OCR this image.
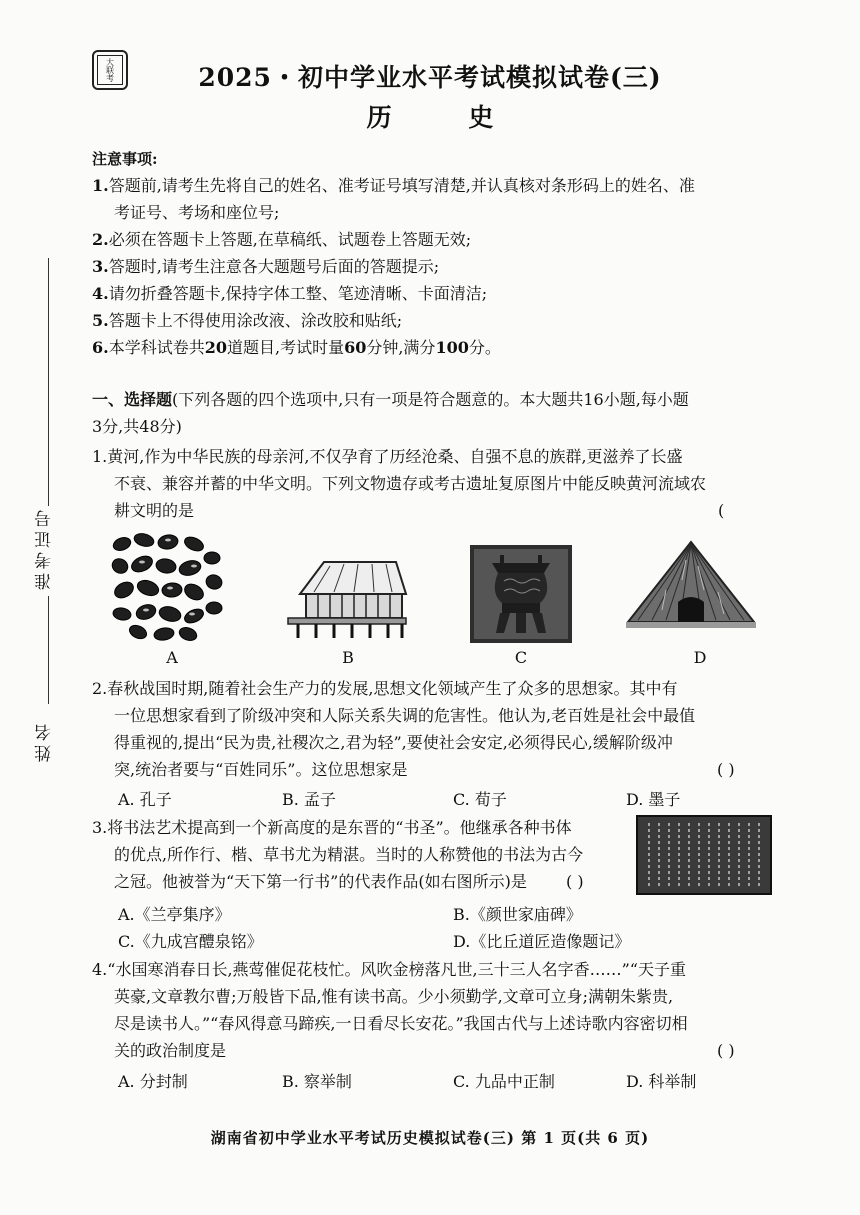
大联考	2025・初中学业水平考试模拟试卷(三)
历 史
准考证号
姓名
注意事项:
1.答题前,请考生先将自己的姓名、准考证号填写清楚,并认真核对条形码上的姓名、准
考证号、考场和座位号;
2.必须在答题卡上答题,在草稿纸、试题卷上答题无效;
3.答题时,请考生注意各大题题号后面的答题提示;
4.请勿折叠答题卡,保持字体工整、笔迹清晰、卡面清洁;
5.答题卡上不得使用涂改液、涂改胶和贴纸;
6.本学科试卷共20道题目,考试时量60分钟,满分100分。
一、选择题(下列各题的四个选项中,只有一项是符合题意的。本大题共16小题,每小题
3分,共48分)
1.黄河,作为中华民族的母亲河,不仅孕育了历经沧桑、自强不息的族群,更滋养了长盛
不衰、兼容并蓄的中华文明。下列文物遗存或考古遗址复原图片中能反映黄河流域农
耕文明的是	(
A	B	C	D
2.春秋战国时期,随着社会生产力的发展,思想文化领域产生了众多的思想家。其中有
一位思想家看到了阶级冲突和人际关系失调的危害性。他认为,老百姓是社会中最值
得重视的,提出“民为贵,社稷次之,君为轻”,要使社会安定,必须得民心,缓解阶级冲
突,统治者要与“百姓同乐”。这位思想家是	( )
A. 孔子	B. 孟子	C. 荀子	D. 墨子
3.将书法艺术提高到一个新高度的是东晋的“书圣”。他继承各种书体
的优点,所作行、楷、草书尤为精湛。当时的人称赞他的书法为古今
之冠。他被誉为“天下第一行书”的代表作品(如右图所示)是 ( )
A.《兰亭集序》	B.《颜世家庙碑》
C.《九成宫醴泉铭》	D.《比丘道匠造像题记》
4.“水国寒消春日长,燕莺催促花枝忙。风吹金榜落凡世,三十三人名字香……”“天子重
英豪,文章教尔曹;万般皆下品,惟有读书高。少小须勤学,文章可立身;满朝朱紫贵,
尽是读书人。”“春风得意马蹄疾,一日看尽长安花。”我国古代与上述诗歌内容密切相
关的政治制度是	( )
A. 分封制	B. 察举制	C. 九品中正制	D. 科举制
湖南省初中学业水平考试历史模拟试卷(三) 第 1 页(共 6 页)
